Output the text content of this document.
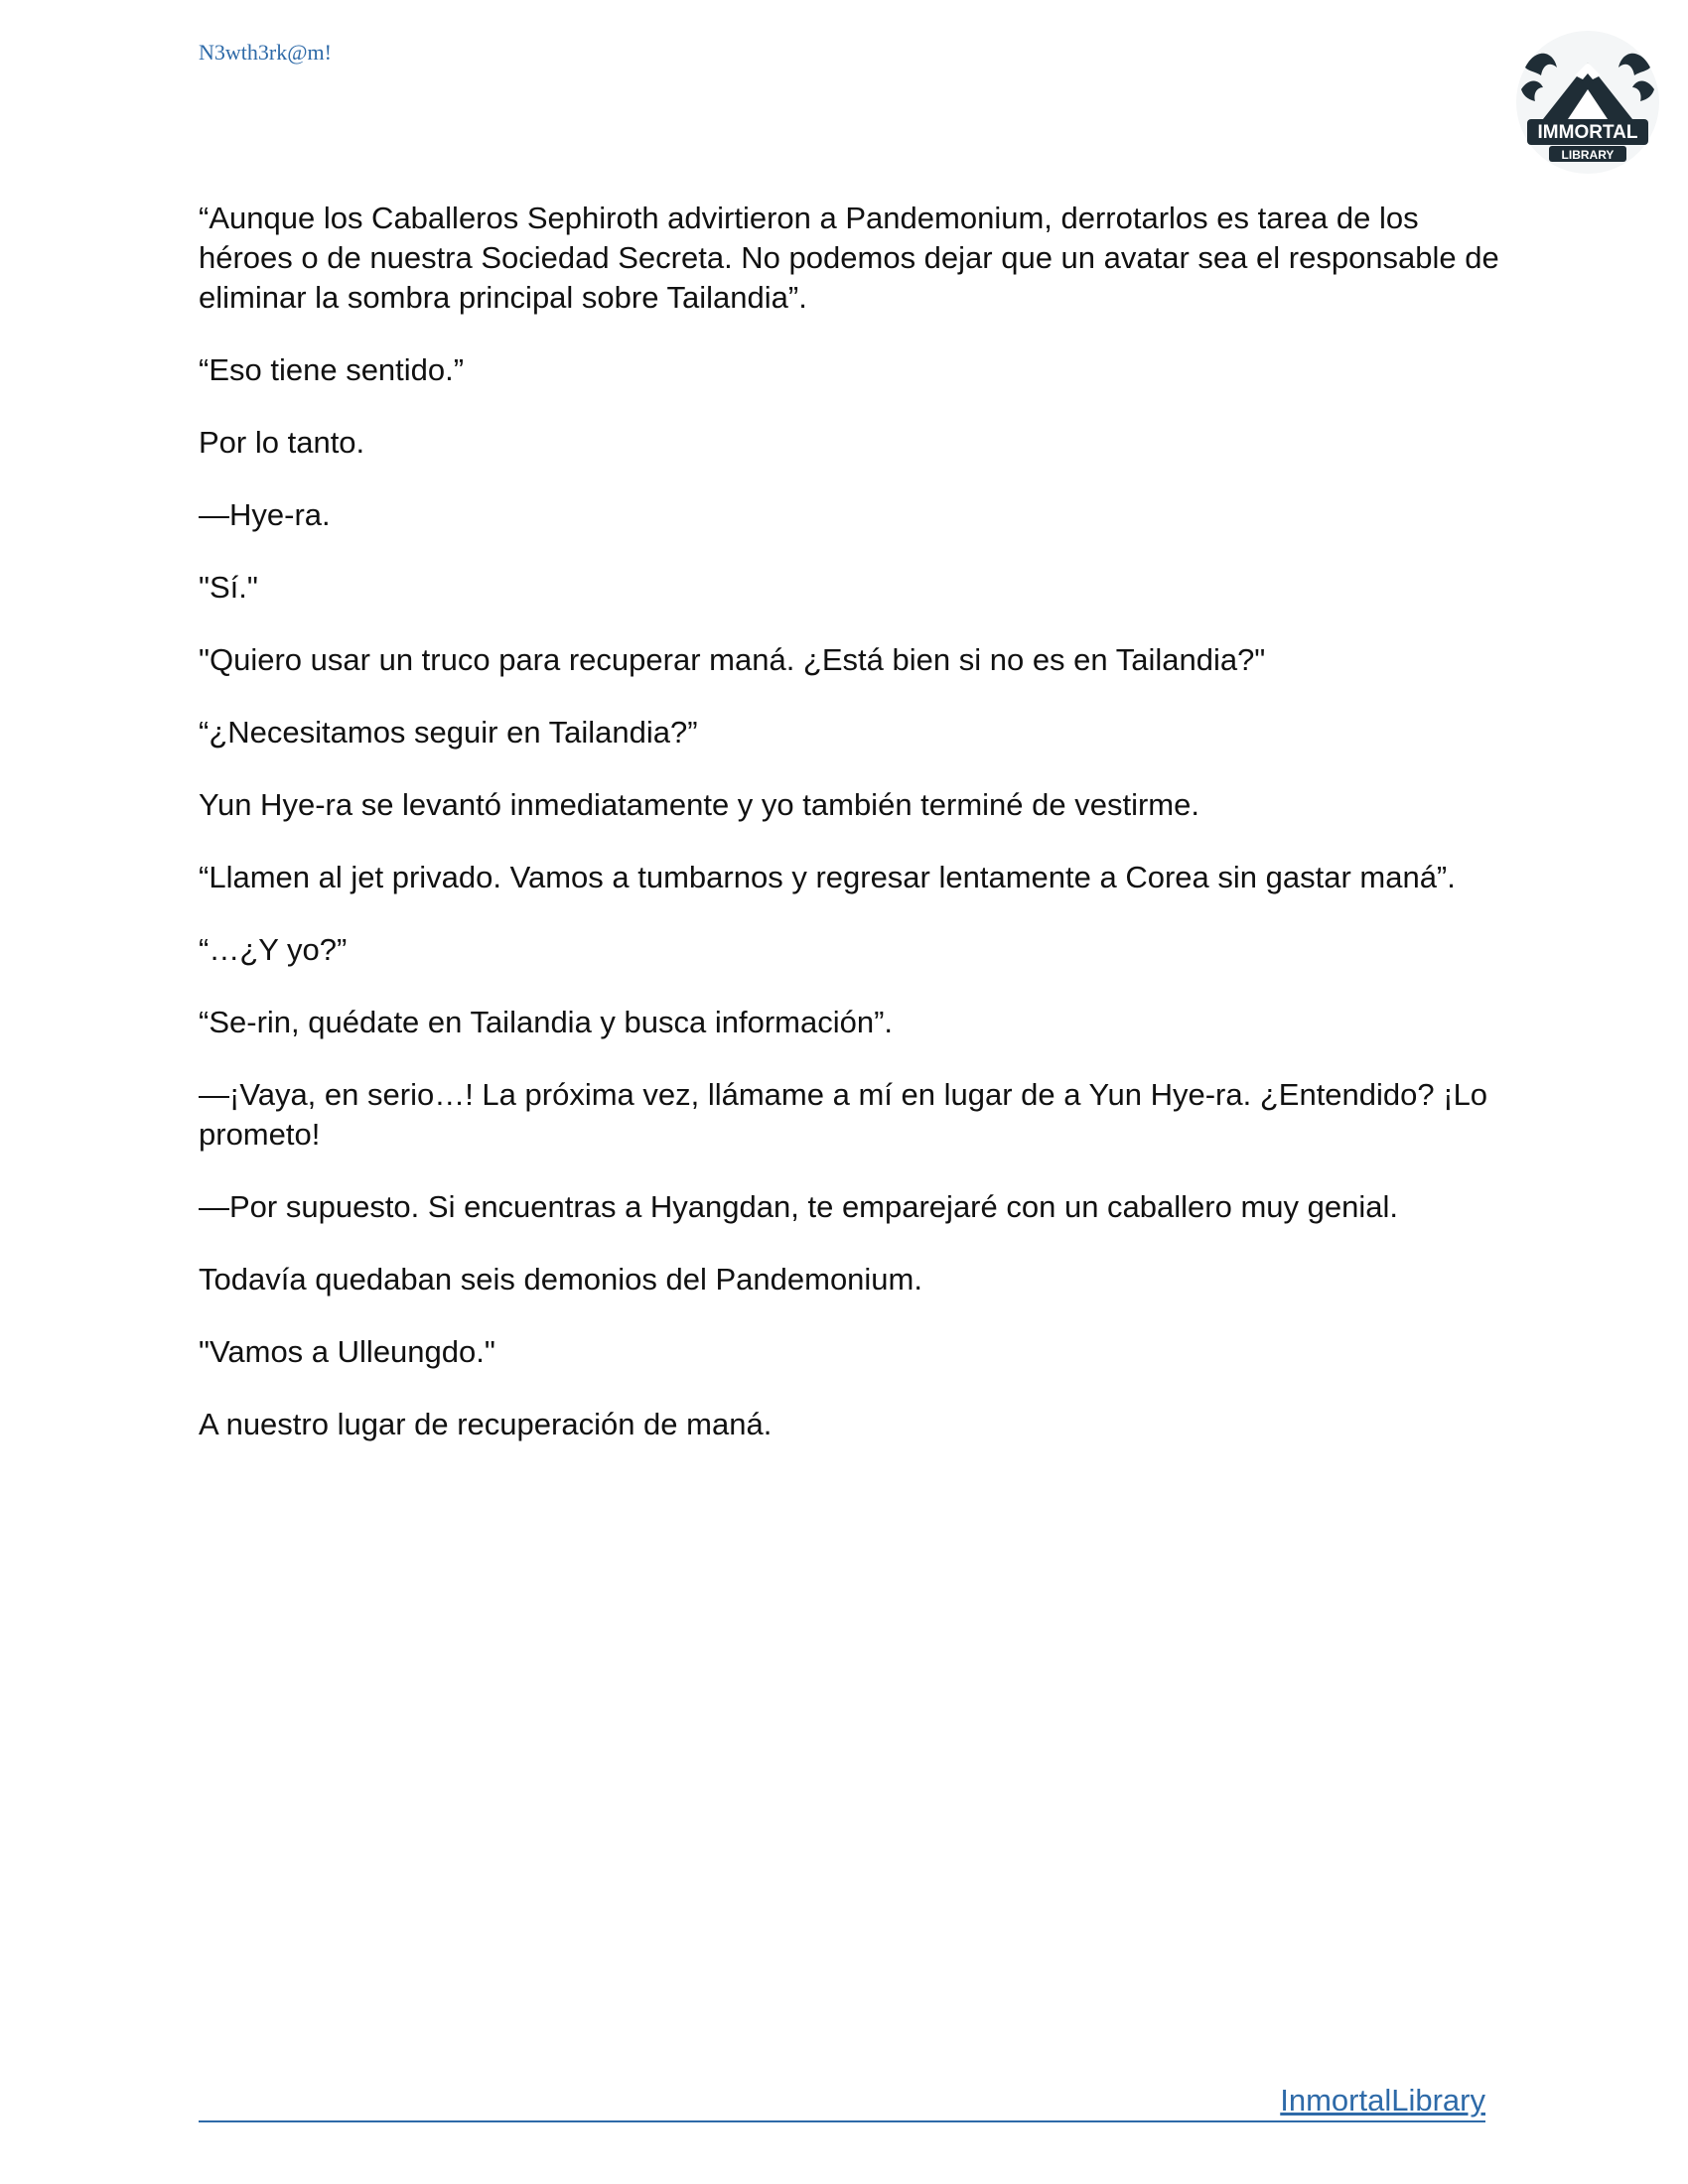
N3wth3rk@m!
IMMORTAL
LIBRARY

“Aunque los Caballeros Sephiroth advirtieron a Pandemonium, derrotarlos es tarea de los héroes o de nuestra Sociedad Secreta. No podemos dejar que un avatar sea el responsable de eliminar la sombra principal sobre Tailandia”.

“Eso tiene sentido.”

Por lo tanto.

—Hye-ra.

"Sí."

"Quiero usar un truco para recuperar maná. ¿Está bien si no es en Tailandia?"

“¿Necesitamos seguir en Tailandia?”

Yun Hye-ra se levantó inmediatamente y yo también terminé de vestirme.

“Llamen al jet privado. Vamos a tumbarnos y regresar lentamente a Corea sin gastar maná”.

“…¿Y yo?”

“Se-rin, quédate en Tailandia y busca información”.

—¡Vaya, en serio…! La próxima vez, llámame a mí en lugar de a Yun Hye-ra. ¿Entendido? ¡Lo prometo!

—Por supuesto. Si encuentras a Hyangdan, te emparejaré con un caballero muy genial.

Todavía quedaban seis demonios del Pandemonium.

"Vamos a Ulleungdo."

A nuestro lugar de recuperación de maná.

InmortalLibrary
